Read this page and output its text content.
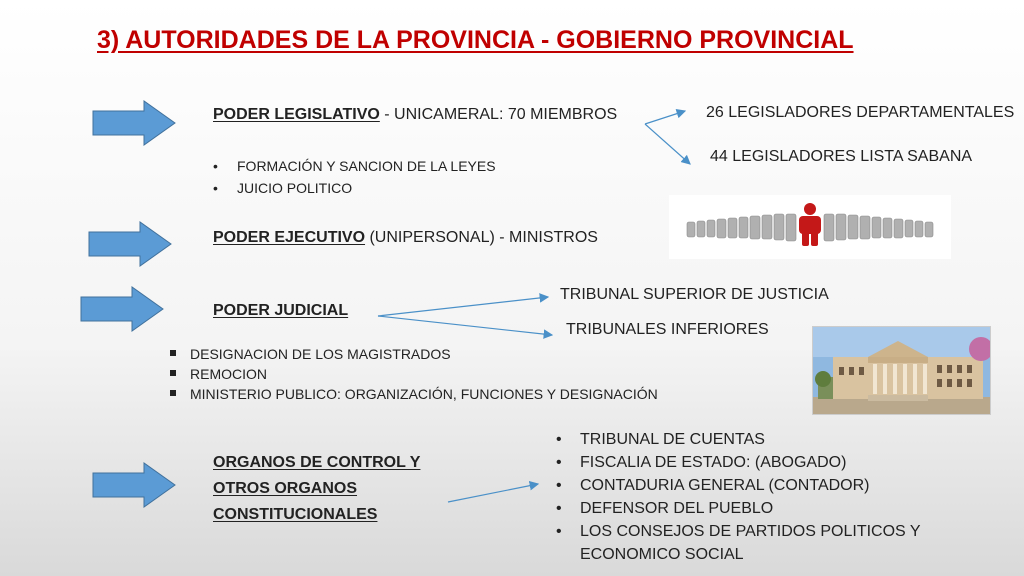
3) AUTORIDADES DE LA PROVINCIA - GOBIERNO PROVINCIAL
PODER LEGISLATIVO - UNICAMERAL: 70 MIEMBROS
• FORMACIÓN Y SANCION DE LA LEYES
• JUICIO POLITICO
26 LEGISLADORES DEPARTAMENTALES
44 LEGISLADORES LISTA SABANA
PODER EJECUTIVO (UNIPERSONAL) - MINISTROS
PODER JUDICIAL
TRIBUNAL SUPERIOR DE JUSTICIA
TRIBUNALES INFERIORES
DESIGNACION DE LOS MAGISTRADOS
REMOCION
MINISTERIO PUBLICO: ORGANIZACIÓN, FUNCIONES Y DESIGNACIÓN
ORGANOS DE CONTROL Y
OTROS ORGANOS
CONSTITUCIONALES
• TRIBUNAL DE CUENTAS
• FISCALIA DE ESTADO: (ABOGADO)
• CONTADURIA GENERAL (CONTADOR)
• DEFENSOR DEL PUEBLO
• LOS CONSEJOS DE PARTIDOS POLITICOS Y
ECONOMICO SOCIAL
